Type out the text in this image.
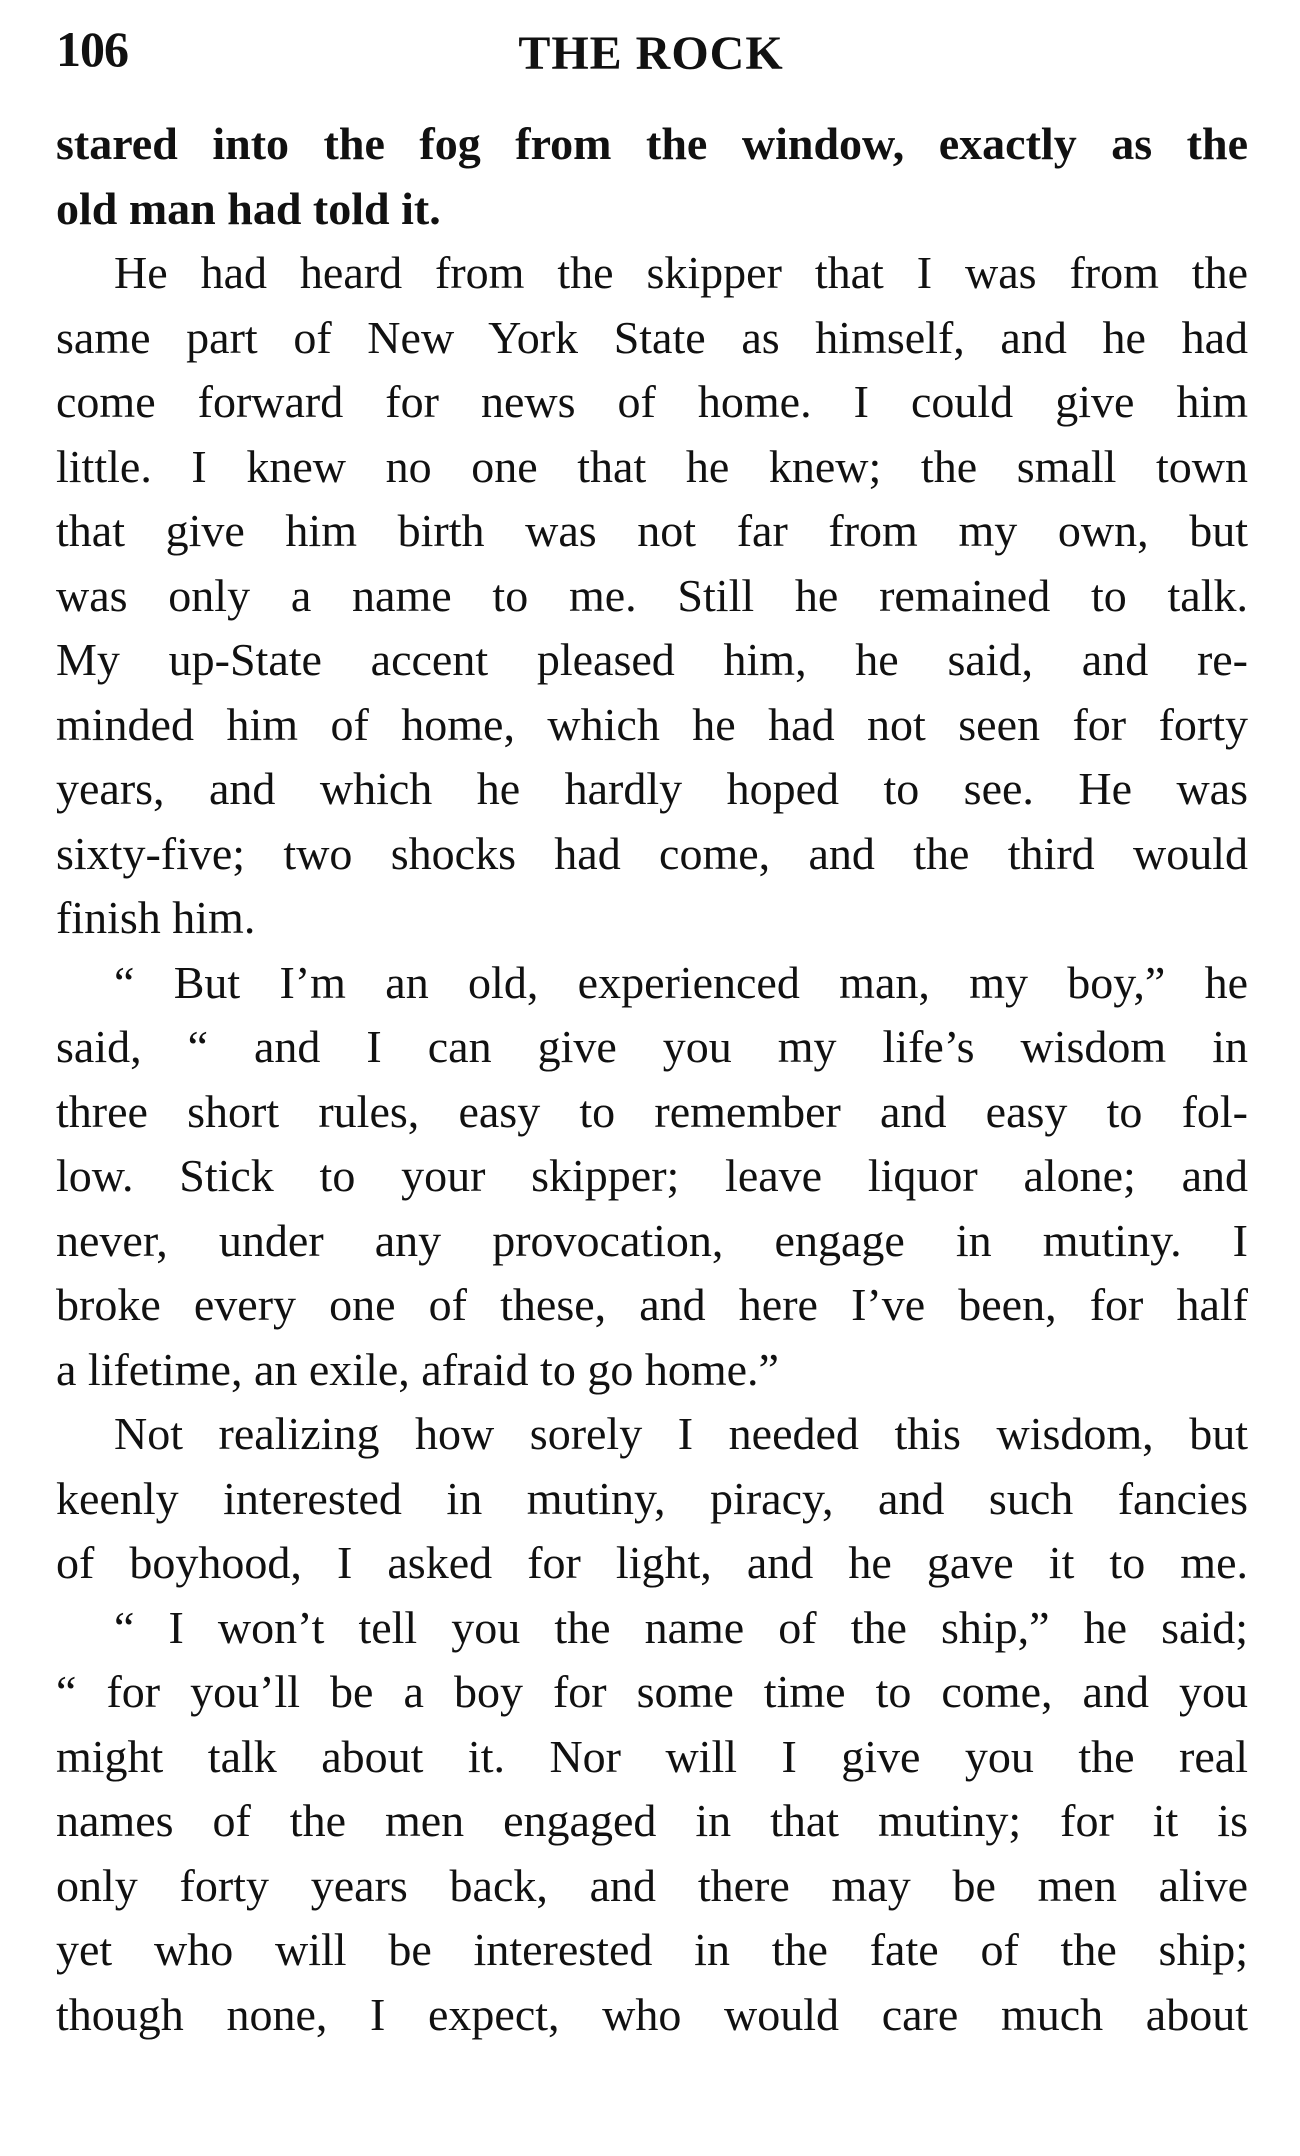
106	THE ROCK
stared into the fog from the window, exactly as the
old man had told it.
He had heard from the skipper that I was from the
same part of New York State as himself, and he had
come forward for news of home. I could give him
little. I knew no one that he knew; the small town
that give him birth was not far from my own, but
was only a name to me. Still he remained to talk.
My up-State accent pleased him, he said, and re-
minded him of home, which he had not seen for forty
years, and which he hardly hoped to see. He was
sixty-five; two shocks had come, and the third would
finish him.
“ But I’m an old, experienced man, my boy,” he
said, “ and I can give you my life’s wisdom in
three short rules, easy to remember and easy to fol-
low. Stick to your skipper; leave liquor alone; and
never, under any provocation, engage in mutiny. I
broke every one of these, and here I’ve been, for half
a lifetime, an exile, afraid to go home.”
Not realizing how sorely I needed this wisdom, but
keenly interested in mutiny, piracy, and such fancies
of boyhood, I asked for light, and he gave it to me.
“ I won’t tell you the name of the ship,” he said;
“ for you’ll be a boy for some time to come, and you
might talk about it. Nor will I give you the real
names of the men engaged in that mutiny; for it is
only forty years back, and there may be men alive
yet who will be interested in the fate of the ship;
though none, I expect, who would care much about
